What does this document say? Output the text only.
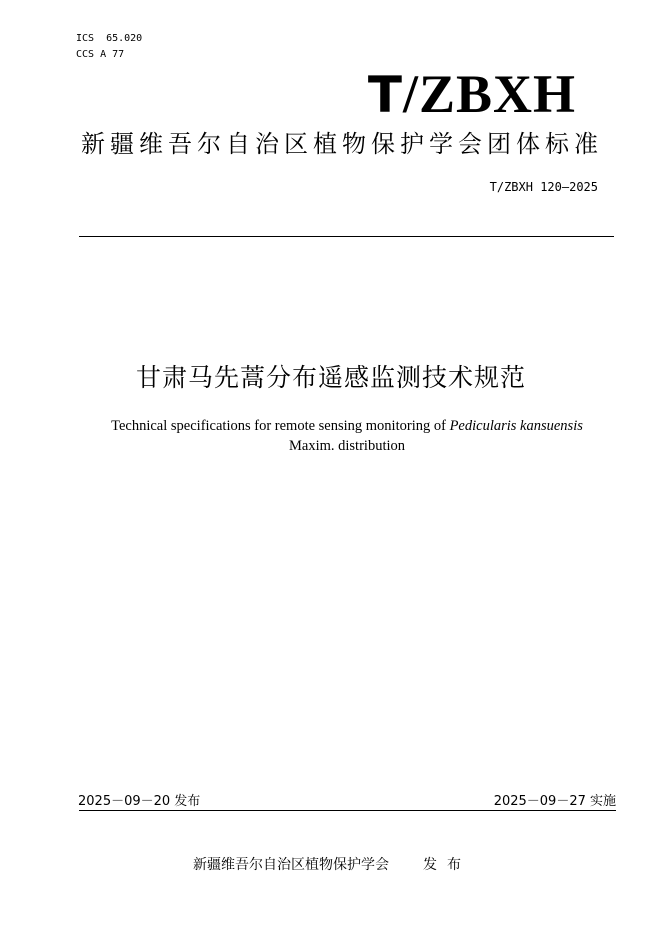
ICS 65.020
CCS A 77
T/ZBXH
新疆维吾尔自治区植物保护学会团体标准
T/ZBXH 120—2025
甘肃马先蒿分布遥感监测技术规范
Technical specifications for remote sensing monitoring of Pedicularis kansuensis
Maxim. distribution
2025－09－20 发布	2025－09－27 实施
新疆维吾尔自治区植物保护学会 发布
